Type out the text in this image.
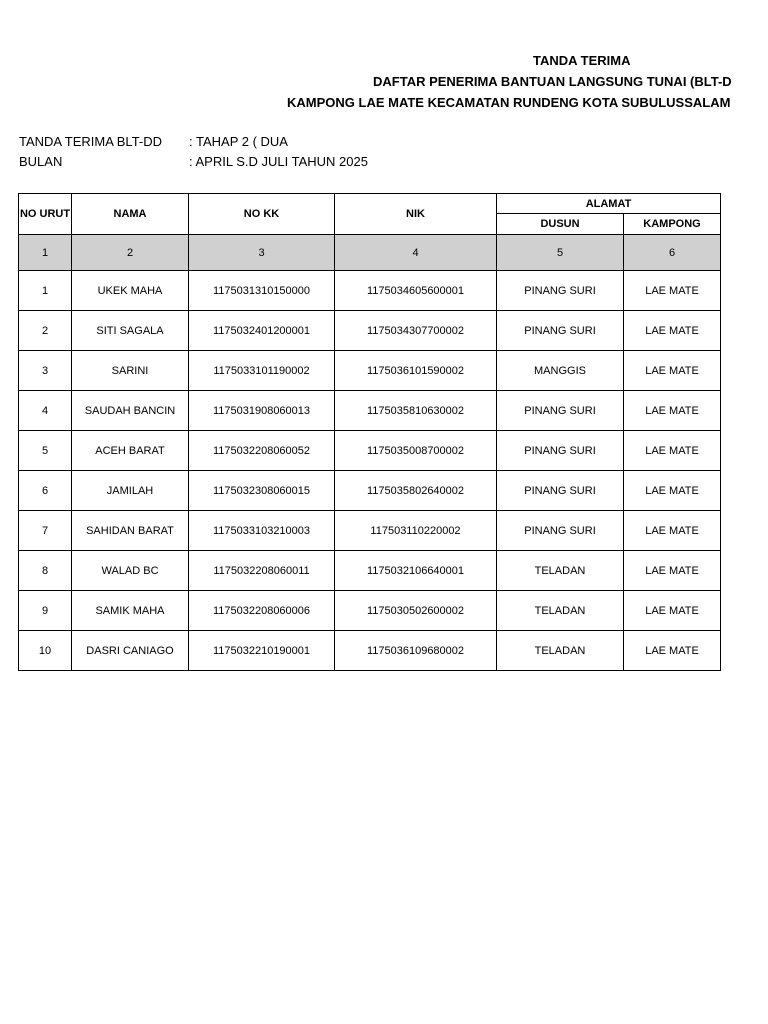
TANDA TERIMA
DAFTAR PENERIMA BANTUAN LANGSUNG TUNAI (BLT-D
KAMPONG LAE MATE KECAMATAN RUNDENG KOTA SUBULUSSALAM
TANDA TERIMA BLT-DD : TAHAP 2 ( DUA
BULAN	: APRIL S.D JULI TAHUN 2025
NO URUT	NAMA	NO KK	NIK	ALAMAT	
				DUSUN	KAMPONG
1	2	3	4	5	6
1	UKEK MAHA	1175031310150000	1175034605600001	PINANG SURI	LAE MATE
2	SITI SAGALA	1175032401200001	1175034307700002	PINANG SURI	LAE MATE
3	SARINI	1175033101190002	1175036101590002	MANGGIS	LAE MATE
4	SAUDAH BANCIN	1175031908060013	1175035810630002	PINANG SURI	LAE MATE
5	ACEH BARAT	1175032208060052	1175035008700002	PINANG SURI	LAE MATE
6	JAMILAH	1175032308060015	1175035802640002	PINANG SURI	LAE MATE
7	SAHIDAN BARAT	1175033103210003	117503110220002	PINANG SURI	LAE MATE
8	WALAD BC	1175032208060011	1175032106640001	TELADAN	LAE MATE
9	SAMIK MAHA	1175032208060006	1175030502600002	TELADAN	LAE MATE
10	DASRI CANIAGO	1175032210190001	1175036109680002	TELADAN	LAE MATE
